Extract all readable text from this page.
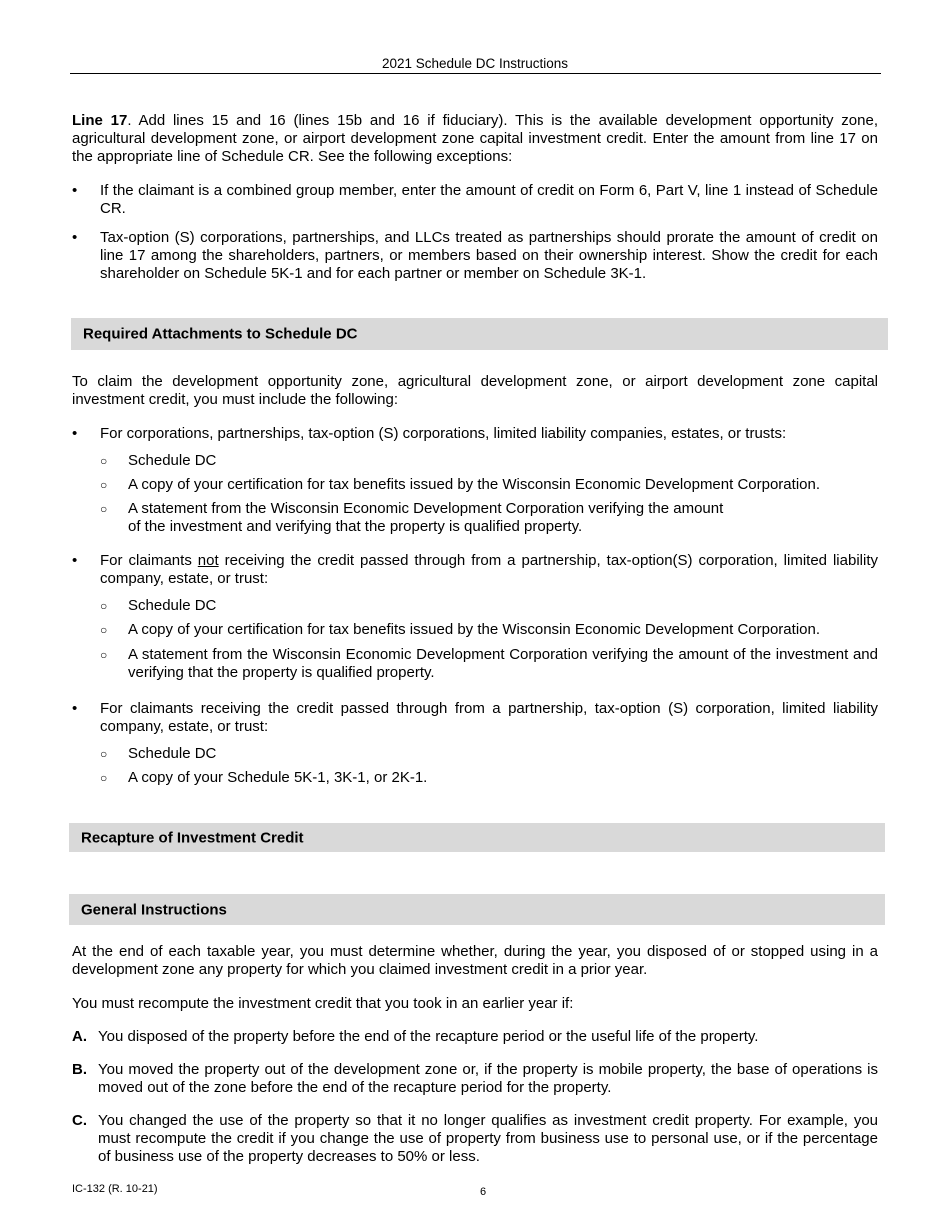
2021 Schedule DC Instructions
Line 17. Add lines 15 and 16 (lines 15b and 16 if fiduciary). This is the available development opportunity zone, agricultural development zone, or airport development zone capital investment credit. Enter the amount from line 17 on the appropriate line of Schedule CR. See the following exceptions:
•	If the claimant is a combined group member, enter the amount of credit on Form 6, Part V, line 1 instead of Schedule CR.
•	Tax-option (S) corporations, partnerships, and LLCs treated as partnerships should prorate the amount of credit on line 17 among the shareholders, partners, or members based on their ownership interest. Show the credit for each shareholder on Schedule 5K-1 and for each partner or member on Schedule 3K-1.
Required Attachments to Schedule DC
To claim the development opportunity zone, agricultural development zone, or airport development zone capital investment credit, you must include the following:
•	For corporations, partnerships, tax-option (S) corporations, limited liability companies, estates, or trusts:
○ Schedule DC
○ A copy of your certification for tax benefits issued by the Wisconsin Economic Development Corporation.
○ A statement from the Wisconsin Economic Development Corporation verifying the amount
of the investment and verifying that the property is qualified property.
•	For claimants not receiving the credit passed through from a partnership, tax-option(S) corporation, limited liability company, estate, or trust:
○ Schedule DC
○ A copy of your certification for tax benefits issued by the Wisconsin Economic Development Corporation.
○ A statement from the Wisconsin Economic Development Corporation verifying the amount of the investment and verifying that the property is qualified property.
•	For claimants receiving the credit passed through from a partnership, tax-option (S) corporation, limited liability company, estate, or trust:
○ Schedule DC
○ A copy of your Schedule 5K-1, 3K-1, or 2K-1.
Recapture of Investment Credit
General Instructions
At the end of each taxable year, you must determine whether, during the year, you disposed of or stopped using in a development zone any property for which you claimed investment credit in a prior year.
You must recompute the investment credit that you took in an earlier year if:
A. You disposed of the property before the end of the recapture period or the useful life of the property.
B. You moved the property out of the development zone or, if the property is mobile property, the base of operations is moved out of the zone before the end of the recapture period for the property.
C. You changed the use of the property so that it no longer qualifies as investment credit property. For example, you must recompute the credit if you change the use of property from business use to personal use, or if the percentage of business use of the property decreases to 50% or less.
IC-132 (R. 10-21)	6
